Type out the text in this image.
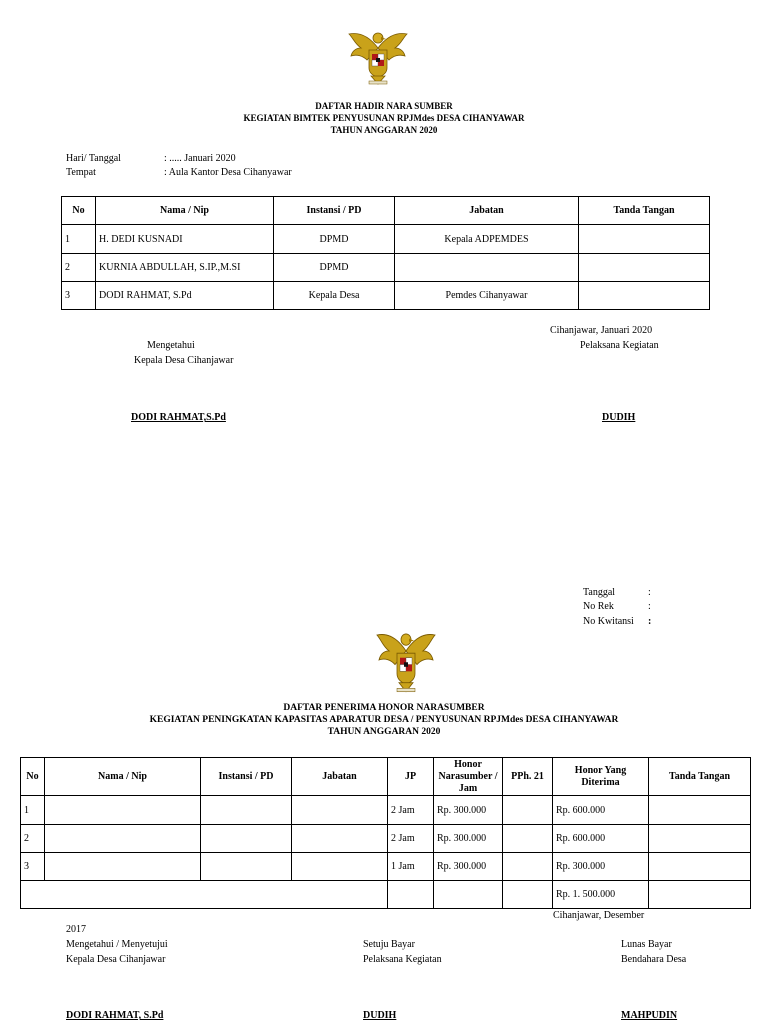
DAFTAR HADIR NARA SUMBER
KEGIATAN BIMTEK PENYUSUNAN RPJMdes DESA CIHANYAWAR
TAHUN ANGGARAN 2020
Hari/ Tanggal	: ..... Januari 2020
Tempat	: Aula Kantor Desa Cihanyawar
No	Nama / Nip	Instansi / PD	Jabatan	Tanda Tangan
1	H. DEDI KUSNADI	DPMD	Kepala ADPEMDES	
2	KURNIA ABDULLAH, S.IP.,M.SI	DPMD		
3	DODI RAHMAT, S.Pd	Kepala Desa	Pemdes Cihanyawar	
Cihanjawar, Januari 2020
Mengetahui	Pelaksana Kegiatan
Kepala Desa Cihanjawar
DODI RAHMAT,S.Pd	DUDIH
Tanggal	:
No Rek	:
No Kwitansi :
DAFTAR PENERIMA HONOR NARASUMBER
KEGIATAN PENINGKATAN KAPASITAS APARATUR DESA / PENYUSUNAN RPJMdes DESA CIHANYAWAR
TAHUN ANGGARAN 2020
No	Nama / Nip	Instansi / PD	Jabatan	JP	Honor Narasumber / Jam	PPh. 21	Honor Yang Diterima	Tanda Tangan
1				2 Jam	Rp. 300.000		Rp. 600.000	
2				2 Jam	Rp. 300.000		Rp. 600.000	
3				1 Jam	Rp. 300.000		Rp. 300.000	
							Rp. 1. 500.000	
Cihanjawar, Desember
2017
Mengetahui / Menyetujui
Kepala Desa Cihanjawar
Setuju Bayar
Pelaksana Kegiatan
Lunas Bayar
Bendahara Desa
DODI RAHMAT, S.Pd	DUDIH	MAHPUDIN
